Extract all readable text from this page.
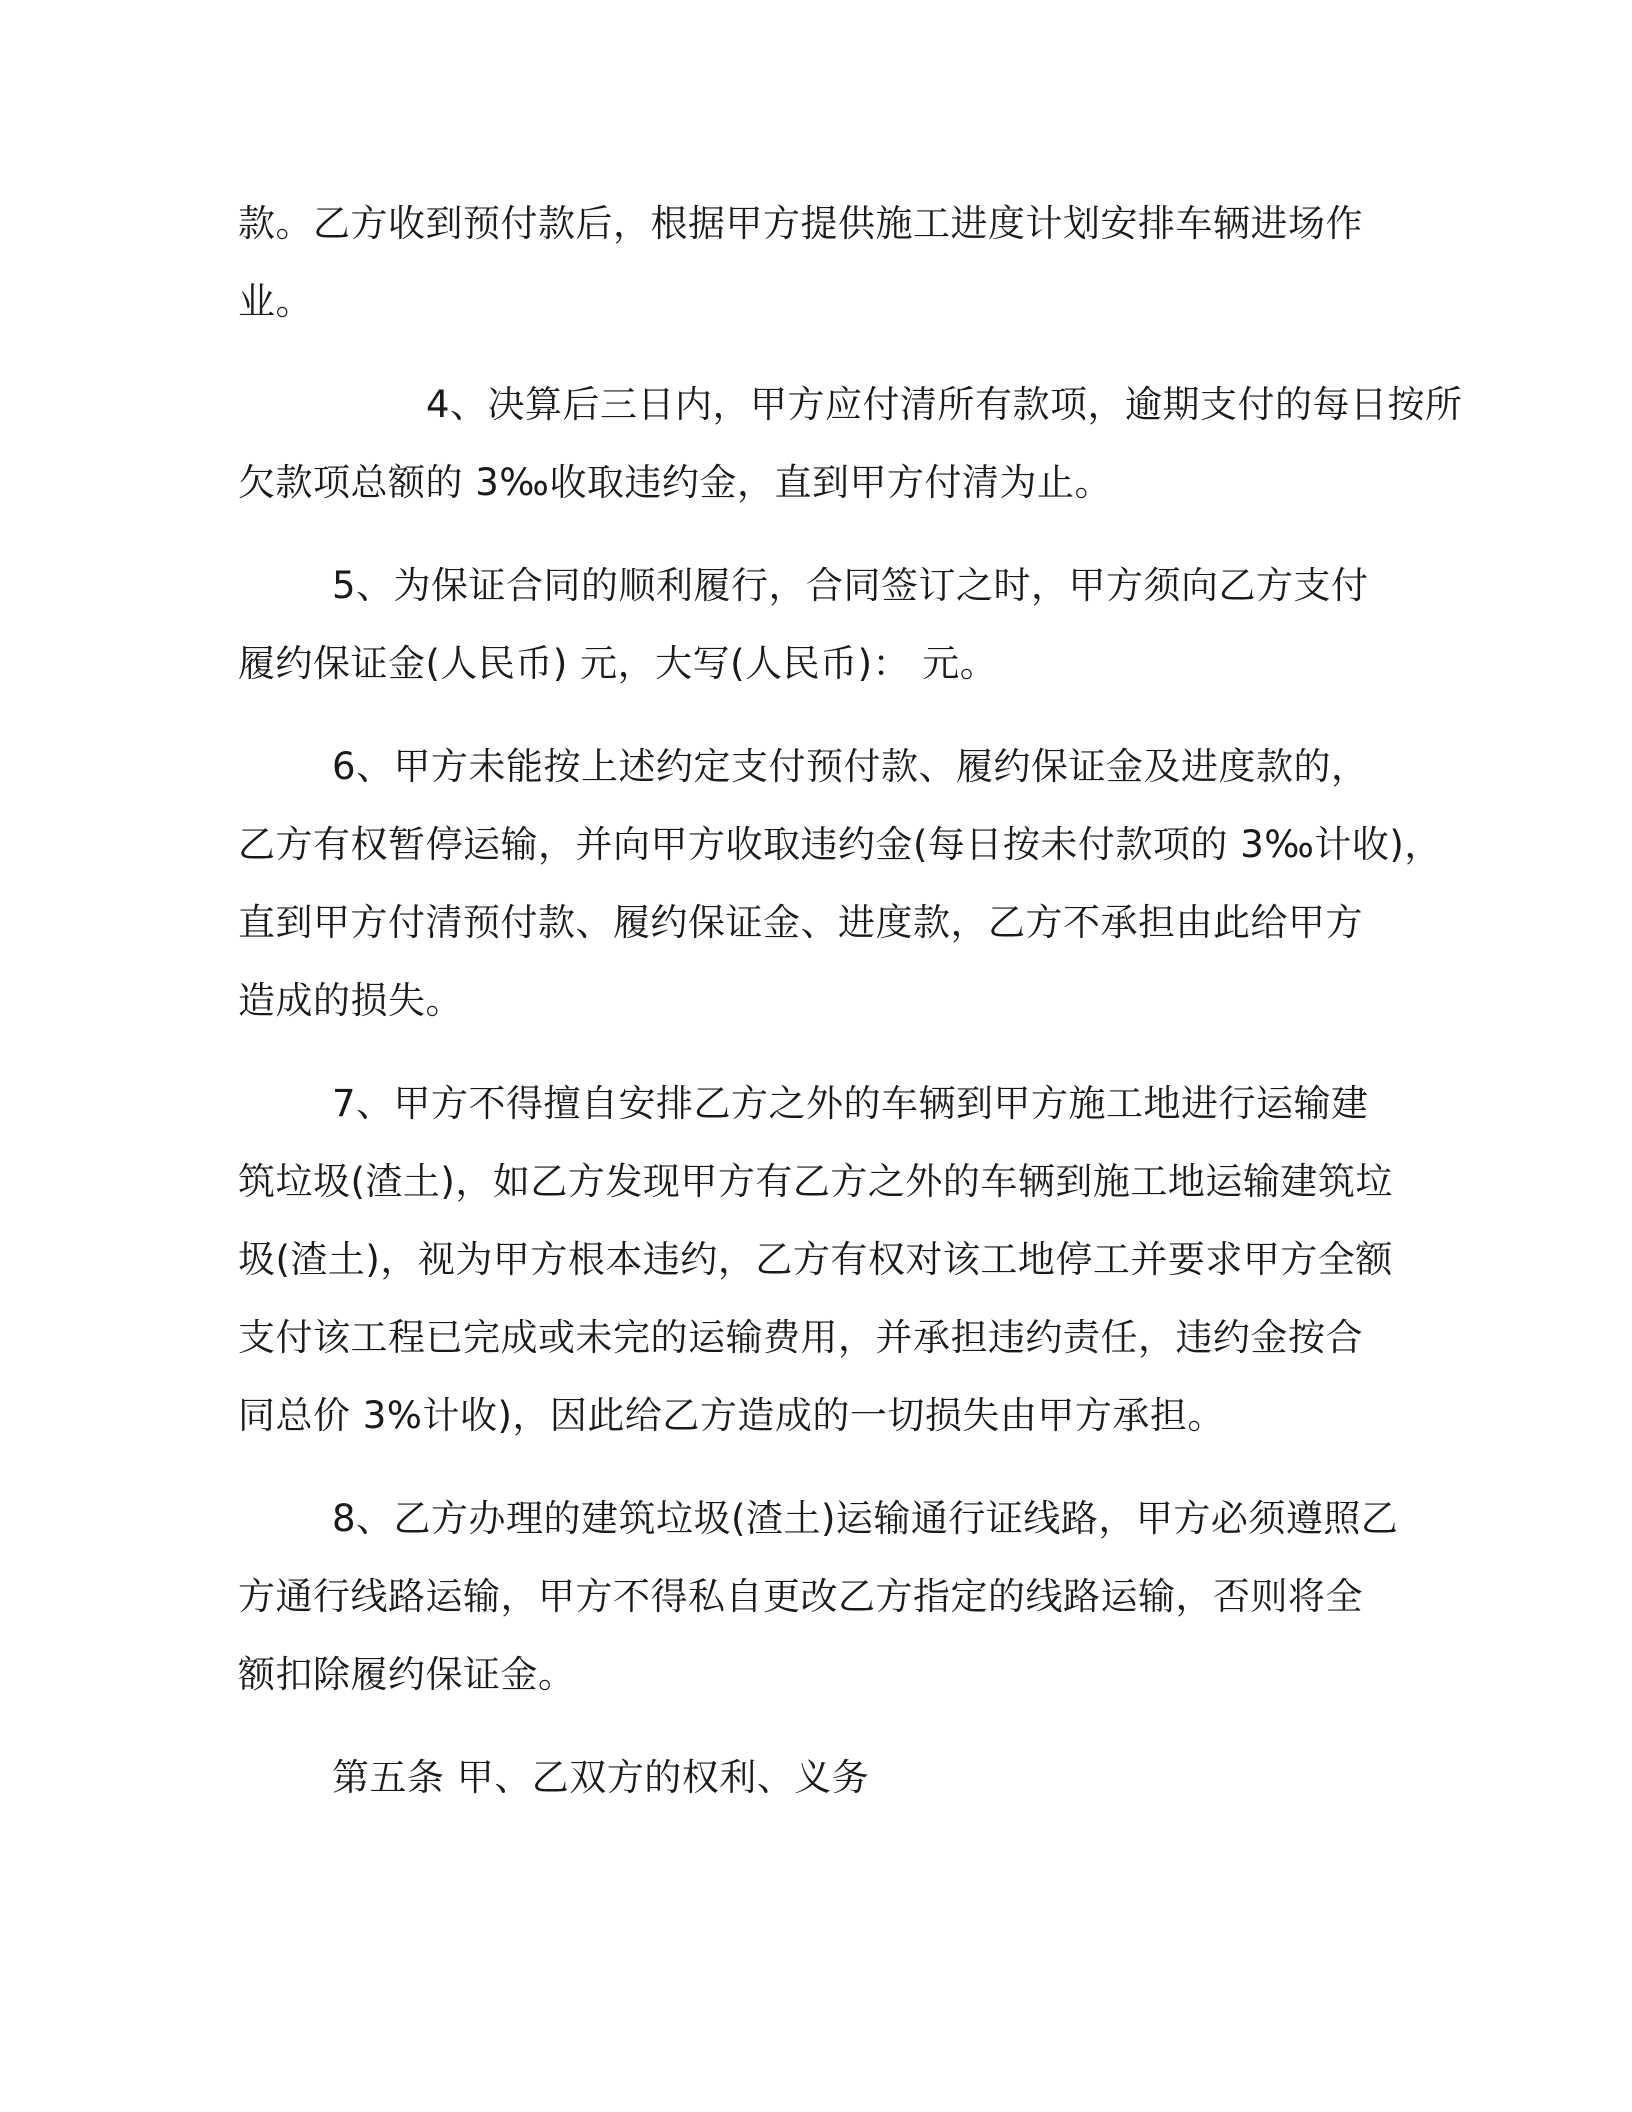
款。乙方收到预付款后，根据甲方提供施工进度计划安排车辆进场作
业。

4、决算后三日内，甲方应付清所有款项，逾期支付的每日按所
欠款项总额的 3‰收取违约金，直到甲方付清为止。

5、为保证合同的顺利履行，合同签订之时，甲方须向乙方支付
履约保证金(人民币) 元，大写(人民币)： 元。

6、甲方未能按上述约定支付预付款、履约保证金及进度款的，
乙方有权暂停运输，并向甲方收取违约金(每日按未付款项的 3‰计收)，
直到甲方付清预付款、履约保证金、进度款，乙方不承担由此给甲方
造成的损失。

7、甲方不得擅自安排乙方之外的车辆到甲方施工地进行运输建
筑垃圾(渣土)，如乙方发现甲方有乙方之外的车辆到施工地运输建筑垃
圾(渣土)，视为甲方根本违约，乙方有权对该工地停工并要求甲方全额
支付该工程已完成或未完的运输费用，并承担违约责任，违约金按合
同总价 3%计收)，因此给乙方造成的一切损失由甲方承担。

8、乙方办理的建筑垃圾(渣土)运输通行证线路，甲方必须遵照乙
方通行线路运输，甲方不得私自更改乙方指定的线路运输，否则将全
额扣除履约保证金。

第五条 甲、乙双方的权利、义务
